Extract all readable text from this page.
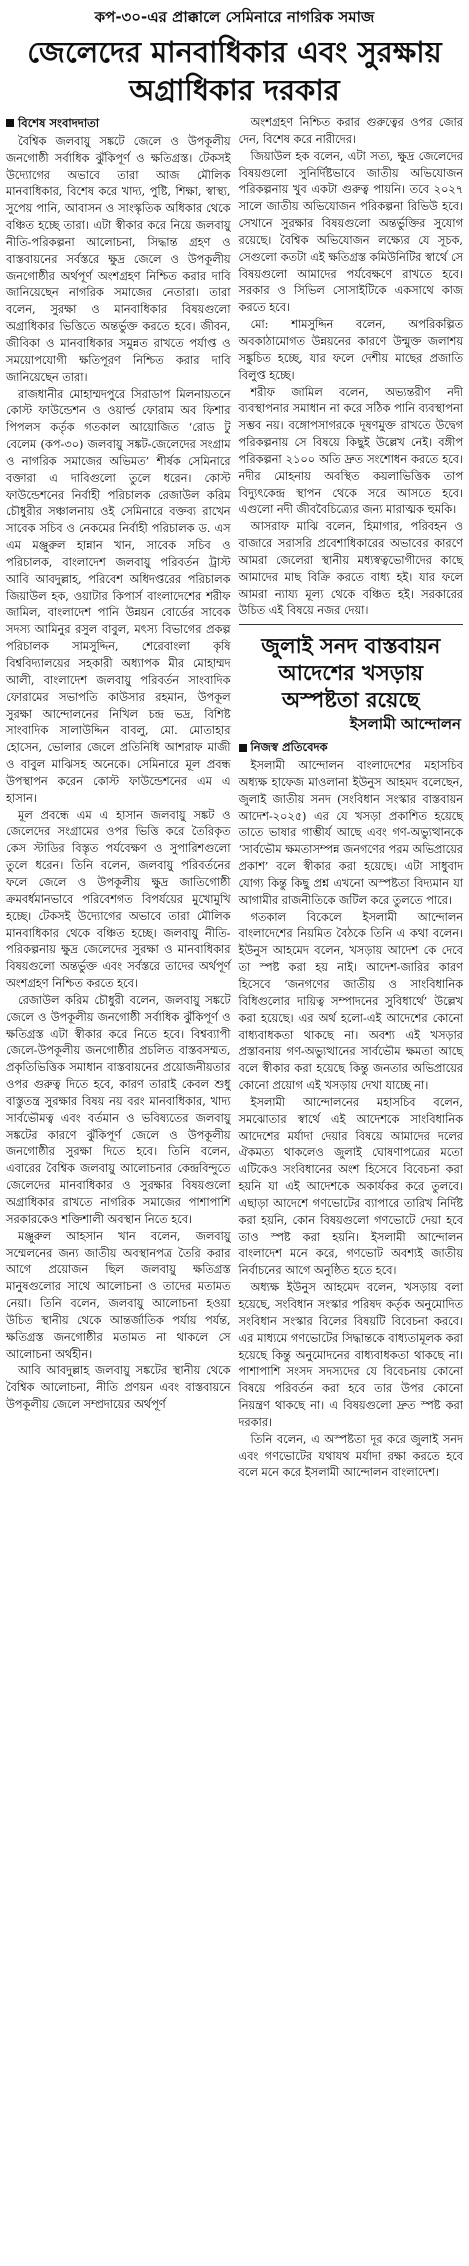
কপ-৩০-এর প্রাক্কালে সেমিনারে নাগরিক সমাজ
জেলেদের মানবাধিকার এবং সুরক্ষায় অগ্রাধিকার দরকার
বিশেষ সংবাদদাতা

বৈশ্বিক জলবায়ু সঙ্কটে জেলে ও উপকূলীয় জনগোষ্ঠী সর্বাধিক ঝুঁকিপূর্ণ ও ক্ষতিগ্রস্ত। টেকসই উদ্যোগের অভাবে তারা আজ মৌলিক মানবাধিকার, বিশেষ করে খাদ্য, পুষ্টি, শিক্ষা, স্বাস্থ্য, সুপেয় পানি, আবাসন ও সাংস্কৃতিক অধিকার থেকে বঞ্চিত হচ্ছে তারা। এটা স্বীকার করে নিয়ে জলবায়ু নীতি-পরিকল্পনা আলোচনা, সিদ্ধান্ত গ্রহণ ও বাস্তবায়নের সর্বস্তরে ক্ষুদ্র জেলে ও উপকূলীয় জনগোষ্ঠীর অর্থপূর্ণ অংশগ্রহণ নিশ্চিত করার দাবি জানিয়েছেন নাগরিক সমাজের নেতারা। তারা বলেন, সুরক্ষা ও মানবাধিকার বিষয়গুলো অগ্রাধিকার ভিত্তিতে অন্তর্ভুক্ত করতে হবে। জীবন, জীবিকা ও মানবাধিকার সমুন্নত রাখতে পর্যাপ্ত ও সময়োপযোগী ক্ষতিপূরণ নিশ্চিত করার দাবি জানিয়েছেন তারা।

রাজধানীর মোহাম্মদপুরে সিরাডাপ মিলনায়তনে কোস্ট ফাউন্ডেশন ও ওয়ার্ল্ড ফোরাম অব ফিশার পিপলস কর্তৃক গতকাল আয়োজিত ‘রোড টু বেলেম (কপ-৩০) জলবায়ু সঙ্কট-জেলেদের সংগ্রাম ও নাগরিক সমাজের অভিমত’ শীর্ষক সেমিনারে বক্তারা এ দাবিগুলো তুলে ধরেন। কোস্ট ফাউন্ডেশনের নির্বাহী পরিচালক রেজাউল করিম চৌধুরীর সঞ্চালনায় ওই সেমিনারে বক্তব্য রাখেন সাবেক সচিব ও নেকমের নির্বাহী পরিচালক ড. এস এম মঞ্জুরুল হান্নান খান, সাবেক সচিব ও পরিচালক, বাংলাদেশ জলবায়ু পরিবর্তন ট্রাস্ট আবি আবদুল্লাহ, পরিবেশ অধিদপ্তরের পরিচালক জিয়াউল হক, ওয়াটার কিপার্স বাংলাদেশের শরীফ জামিল, বাংলাদেশ পানি উন্নয়ন বোর্ডের সাবেক সদস্য আমিনুর রসুল বাবুল, মৎস্য বিভাগের প্রকল্প পরিচালক সামসুদ্দিন, শেরেবাংলা কৃষি বিশ্ববিদ্যালয়ের সহকারী অধ্যাপক মীর মোহাম্মদ আলী, বাংলাদেশ জলবায়ু পরিবর্তন সাংবাদিক ফোরামের সভাপতি কাউসার রহমান, উপকূল সুরক্ষা আন্দোলনের নিখিল চন্দ্র ভদ্র, বিশিষ্ট সাংবাদিক সালাউদ্দিন বাবলু, মো. মোতাহার হোসেন, ভোলার জেলে প্রতিনিধি আশরাফ মাজী ও বাবুল মাঝিসহ অনেকে। সেমিনারে মূল প্রবন্ধ উপস্থাপন করেন কোস্ট ফাউন্ডেশনের এম এ হাসান।

মূল প্রবন্ধে এম এ হাসান জলবায়ু সঙ্কট ও জেলেদের সংগ্রামের ওপর ভিত্তি করে তৈরিকৃত কেস স্টাডির বিস্তৃত পর্যবেক্ষণ ও সুপারিশগুলো তুলে ধরেন। তিনি বলেন, জলবায়ু পরিবর্তনের ফলে জেলে ও উপকূলীয় ক্ষুদ্র জাতিগোষ্ঠী ক্রমবর্ধমানভাবে পরিবেশগত বিপর্যয়ের মুখোমুখি হচ্ছে। টেকসই উদ্যোগের অভাবে তারা মৌলিক মানবাধিকার থেকে বঞ্চিত হচ্ছে। জলবায়ু নীতি-পরিকল্পনায় ক্ষুদ্র জেলেদের সুরক্ষা ও মানবাধিকার বিষয়গুলো অন্তর্ভুক্ত এবং সর্বস্তরে তাদের অর্থপূর্ণ অংশগ্রহণ নিশ্চিত করতে হবে।

রেজাউল করিম চৌধুরী বলেন, জলবায়ু সঙ্কটে জেলে ও উপকূলীয় জনগোষ্ঠী সর্বাধিক ঝুঁকিপূর্ণ ও ক্ষতিগ্রস্ত এটা স্বীকার করে নিতে হবে। বিশ্বব্যাপী জেলে-উপকূলীয় জনগোষ্ঠীর প্রচলিত বাস্তবসম্মত, প্রকৃতিভিত্তিক সমাধান বাস্তবায়নের প্রয়োজনীয়তার ওপর গুরুত্ব দিতে হবে, কারণ তারাই কেবল শুধু বাস্তুতন্ত্র সুরক্ষার বিষয় নয় বরং মানবাধিকার, খাদ্য সার্বভৌমত্ব এবং বর্তমান ও ভবিষ্যতের জলবায়ু সঙ্কটের কারণে ঝুঁকিপূর্ণ জেলে ও উপকূলীয় জনগোষ্ঠীর সুরক্ষা দিতে হবে। তিনি বলেন, এবারের বৈশ্বিক জলবায়ু আলোচনার কেন্দ্রবিন্দুতে জেলেদের মানবাধিকার ও সুরক্ষার বিষয়গুলো অগ্রাধিকার রাখতে নাগরিক সমাজের পাশাপাশি সরকারকেও শক্তিশালী অবস্থান নিতে হবে।

মঞ্জুরুল আহসান খান বলেন, জলবায়ু সম্মেলনের জন্য জাতীয় অবস্থানপত্র তৈরি করার আগে প্রয়োজন ছিল জলবায়ু ক্ষতিগ্রস্ত মানুষগুলোর সাথে আলোচনা ও তাদের মতামত নেয়া। তিনি বলেন, জলবায়ু আলোচনা হওয়া উচিত স্থানীয় থেকে আন্তর্জাতিক পর্যায় পর্যন্ত, ক্ষতিগ্রস্ত জনগোষ্ঠীর মতামত না থাকলে সে আলোচনা অর্থহীন।

আবি আবদুল্লাহ জলবায়ু সঙ্কটের স্থানীয় থেকে বৈশ্বিক আলোচনা, নীতি প্রণয়ন এবং বাস্তবায়নে উপকূলীয় জেলে সম্প্রদায়ের অর্থপূর্ণ

অংশগ্রহণ নিশ্চিত করার গুরুত্বের ওপর জোর দেন, বিশেষ করে নারীদের।

জিয়াউল হক বলেন, এটা সত্য, ক্ষুদ্র জেলেদের বিষয়গুলো সুনির্দিষ্টভাবে জাতীয় অভিযোজন পরিকল্পনায় খুব একটা গুরুত্ব পায়নি। তবে ২০২৭ সালে জাতীয় অভিযোজন পরিকল্পনা রিভিউ হবে। সেখানে সুরক্ষার বিষয়গুলো অন্তর্ভুক্তির সুযোগ রয়েছে। বৈশ্বিক অভিযোজন লক্ষ্যের যে সূচক, সেগুলো কতটা এই ক্ষতিগ্রস্ত কমিউনিটির স্বার্থে সে বিষয়গুলো আমাদের পর্যবেক্ষণে রাখতে হবে। সরকার ও সিভিল সোসাইটিকে একসাথে কাজ করতে হবে।

মো: শামসুদ্দিন বলেন, অপরিকল্পিত অবকাঠামোগত উন্নয়নের কারণে উন্মুক্ত জলাশয় সঙ্কুচিত হচ্ছে, যার ফলে দেশীয় মাছের প্রজাতি বিলুপ্ত হচ্ছে।

শরীফ জামিল বলেন, অভ্যন্তরীণ নদী ব্যবস্থাপনার সমাধান না করে সঠিক পানি ব্যবস্থাপনা সম্ভব নয়। বঙ্গোপসাগরকে দূষণমুক্ত রাখতে উদ্বেগ পরিকল্পনায় সে বিষয়ে কিছুই উল্লেখ নেই। বঙ্গীপ পরিকল্পনা ২১০০ অতি দ্রুত সংশোধন করতে হবে। নদীর মোহনায় অবস্থিত কয়লাভিত্তিক তাপ বিদ্যুৎকেন্দ্র স্থাপন থেকে সরে আসতে হবে। এগুলো নদী জীববৈচিত্র্যের জন্য মারাত্মক হুমকি।

আসরাফ মাঝি বলেন, হিমাগার, পরিবহন ও বাজারে সরাসরি প্রবেশাধিকারের অভাবের কারণে আমরা জেলেরা স্থানীয় মধ্যস্বত্বভোগীদের কাছে আমাদের মাছ বিক্রি করতে বাধ্য হই। যার ফলে আমরা ন্যায্য মূল্য থেকে বঞ্চিত হই। সরকারের উচিত এই বিষয়ে নজর দেয়া।

জুলাই সনদ বাস্তবায়ন আদেশের খসড়ায় অস্পষ্টতা রয়েছে
ইসলামী আন্দোলন
নিজস্ব প্রতিবেদক

ইসলামী আন্দোলন বাংলাদেশের মহাসচিব অধ্যক্ষ হাফেজ মাওলানা ইউনুস আহমদ বলেছেন, জুলাই জাতীয় সনদ (সংবিধান সংস্কার বাস্তবায়ন আদেশ-২০২৫) এর যে খসড়া প্রকাশিত হয়েছে তাতে ভাষার গাম্ভীর্য আছে এবং গণ-অভ্যুত্থানকে ‘সার্বভৌম ক্ষমতাসম্পন্ন জনগণের পরম অভিপ্রায়ের প্রকাশ’ বলে স্বীকার করা হয়েছে। এটা সাধুবাদ যোগ্য কিন্তু কিছু প্রশ্ন এখনো অস্পষ্টতা বিদ্যমান যা আগামীর রাজনীতিকে জটিল করে তুলতে পারে।

গতকাল বিকেলে ইসলামী আন্দোলন বাংলাদেশের নিয়মিত বৈঠকে তিনি এ কথা বলেন। ইউনুস আহমেদ বলেন, খসড়ায় আদেশ কে দেবে তা স্পষ্ট করা হয় নাই। আদেশ-জারির কারণ হিসেবে ‘জনগণের জাতীয় ও সাংবিধানিক বিধিগুলোর দায়িত্ব সম্পাদনের সুবিধার্থে’ উল্লেখ করা হয়েছে। এর অর্থ হলো-এই আদেশের কোনো বাধ্যবাধকতা থাকছে না। অবশ্য এই খসড়ার প্রস্তাবনায় গণ-অভ্যুত্থানের সার্বভৌম ক্ষমতা আছে বলে স্বীকার করা হয়েছে কিন্তু জনতার অভিপ্রায়ের কোনো প্রয়োগ এই খসড়ায় দেখা যাচ্ছে না।

ইসলামী আন্দোলনের মহাসচিব বলেন, সমঝোতার স্বার্থে এই আদেশকে সাংবিধানিক আদেশের মর্যাদা দেয়ার বিষয়ে আমাদের দলের ঐকমত্য থাকলেও জুলাই ঘোষণাপত্রের মতো এটিকেও সংবিধানের অংশ হিসেবে বিবেচনা করা হয়নি যা এই আদেশকে অকার্যকর করে তুলবে। এছাড়া আদেশে গণভোটের ব্যাপারে তারিখ নির্দিষ্ট করা হয়নি, কোন বিষয়গুলো গণভোটে দেয়া হবে তাও স্পষ্ট করা হয়নি। ইসলামী আন্দোলন বাংলাদেশ মনে করে, গণভোট অবশ্যই জাতীয় নির্বাচনের আগে অনুষ্ঠিত হতে হবে।

অধ্যক্ষ ইউনুস আহমেদ বলেন, খসড়ায় বলা হয়েছে, সংবিধান সংস্কার পরিষদ কর্তৃক অনুমোদিত সংবিধান সংস্কার বিলের বিষয়টি বিবেচনা করবে। এর মাধ্যমে গণভোটের সিদ্ধান্তকে বাধ্যতামূলক করা হয়েছে কিন্তু অনুমোদনের বাধ্যবাধকতা থাকছে না। পাশাপাশি সংসদ সদস্যদের যে বিবেচনায় কোনো বিষয়ে পরিবর্তন করা হবে তার উপর কোনো নিয়ন্ত্রণ থাকছে না। এ বিষয়গুলো দ্রুত স্পষ্ট করা দরকার।

তিনি বলেন, এ অস্পষ্টতা দূর করে জুলাই সনদ এবং গণভোটের যথাযথ মর্যাদা রক্ষা করতে হবে বলে মনে করে ইসলামী আন্দোলন বাংলাদেশ।
